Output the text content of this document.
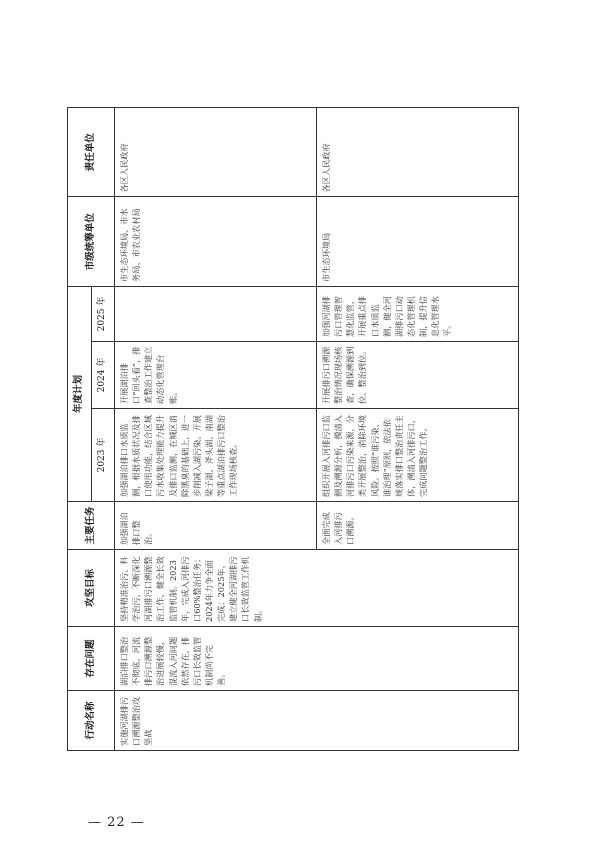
行动名称	存在问题	攻坚目标	主要任务	年度计划			市级统筹单位	责任单位
				2023 年	2024 年	2025 年		
实施河湖排污口溯源整治攻坚战	湖泊排口整治不彻底，河流排污口溯源整治进展较慢，混流入河问题依然存在，排污口长效监管机制尚不完善。	坚持精准治污、科学治污，不断深化河湖排污口溯源整治工作，健全长效监管机制。2023年，完成入河排污口60%整治任务；2024年力争全面完成；2025年，建立健全河湖排污口长效监管工作机制。	加强湖泊排口整治。	加强湖泊排口水质监测，根据水质状况及排口使用功能，结合区域污水收集处理能力提升及排口监测，在城区消除黑臭的基础上，进一步削减入湖污染。开展梁子湖、斧头湖、南湖等重点湖泊排污口整治工作现场核查。	开展湖泊排口“回头看”，排查整治工作建立动态化管理台账。		市生态环境局、市水务局、市农业农村局	各区人民政府
			全面完成入河排污口溯源。	组织开展入河排污口监测及溯源分析，摸清入河排污口污染来源，分类开展整治，消除环境风险。按照“谁污染、谁治理”原则，依法依规落实排口整治责任主体，溯清入河排污口，完成问题整治工作。	开展排污口溯源整治情况现场核查，确保溯源到位、整治到位。	加强河湖排污口管理智慧化监管，开展重点排口水质监测，健全河湖排污口动态化管理机制，提升信息化管理水平。	市生态环境局	各区人民政府
— 22 —
